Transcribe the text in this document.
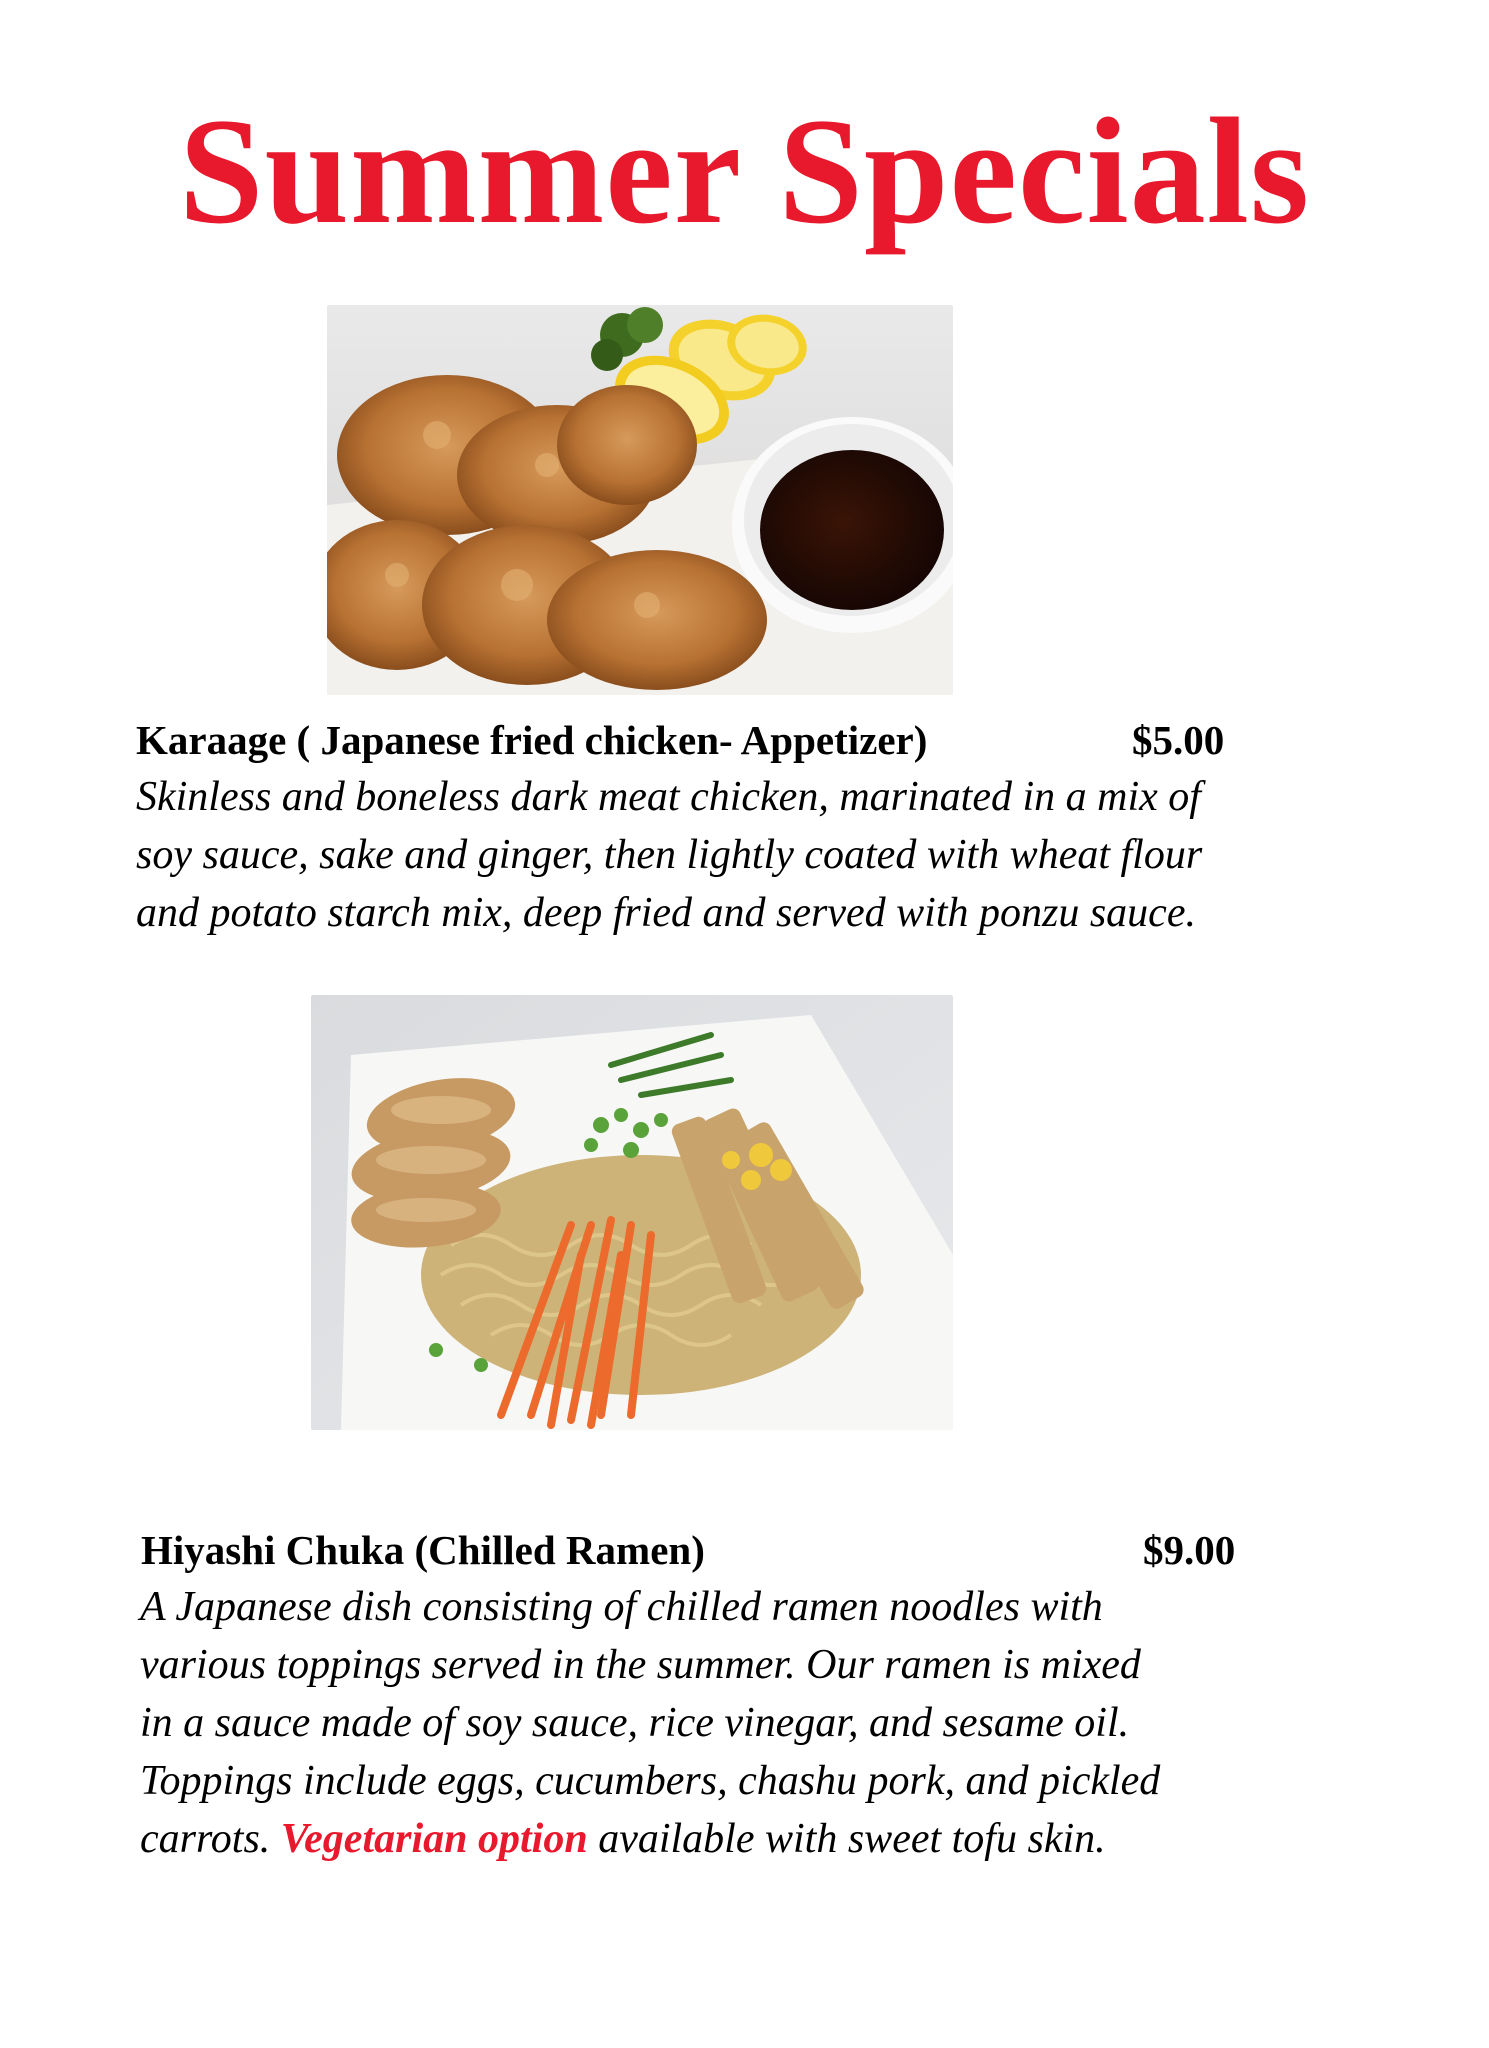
Summer Specials
Karaage ( Japanese fried chicken- Appetizer)	$5.00
Skinless and boneless dark meat chicken, marinated in a mix of
soy sauce, sake and ginger, then lightly coated with wheat flour
and potato starch mix, deep fried and served with ponzu sauce.
Hiyashi Chuka (Chilled Ramen)	$9.00
A Japanese dish consisting of chilled ramen noodles with
various toppings served in the summer. Our ramen is mixed
in a sauce made of soy sauce, rice vinegar, and sesame oil.
Toppings include eggs, cucumbers, chashu pork, and pickled
carrots. Vegetarian option available with sweet tofu skin.
